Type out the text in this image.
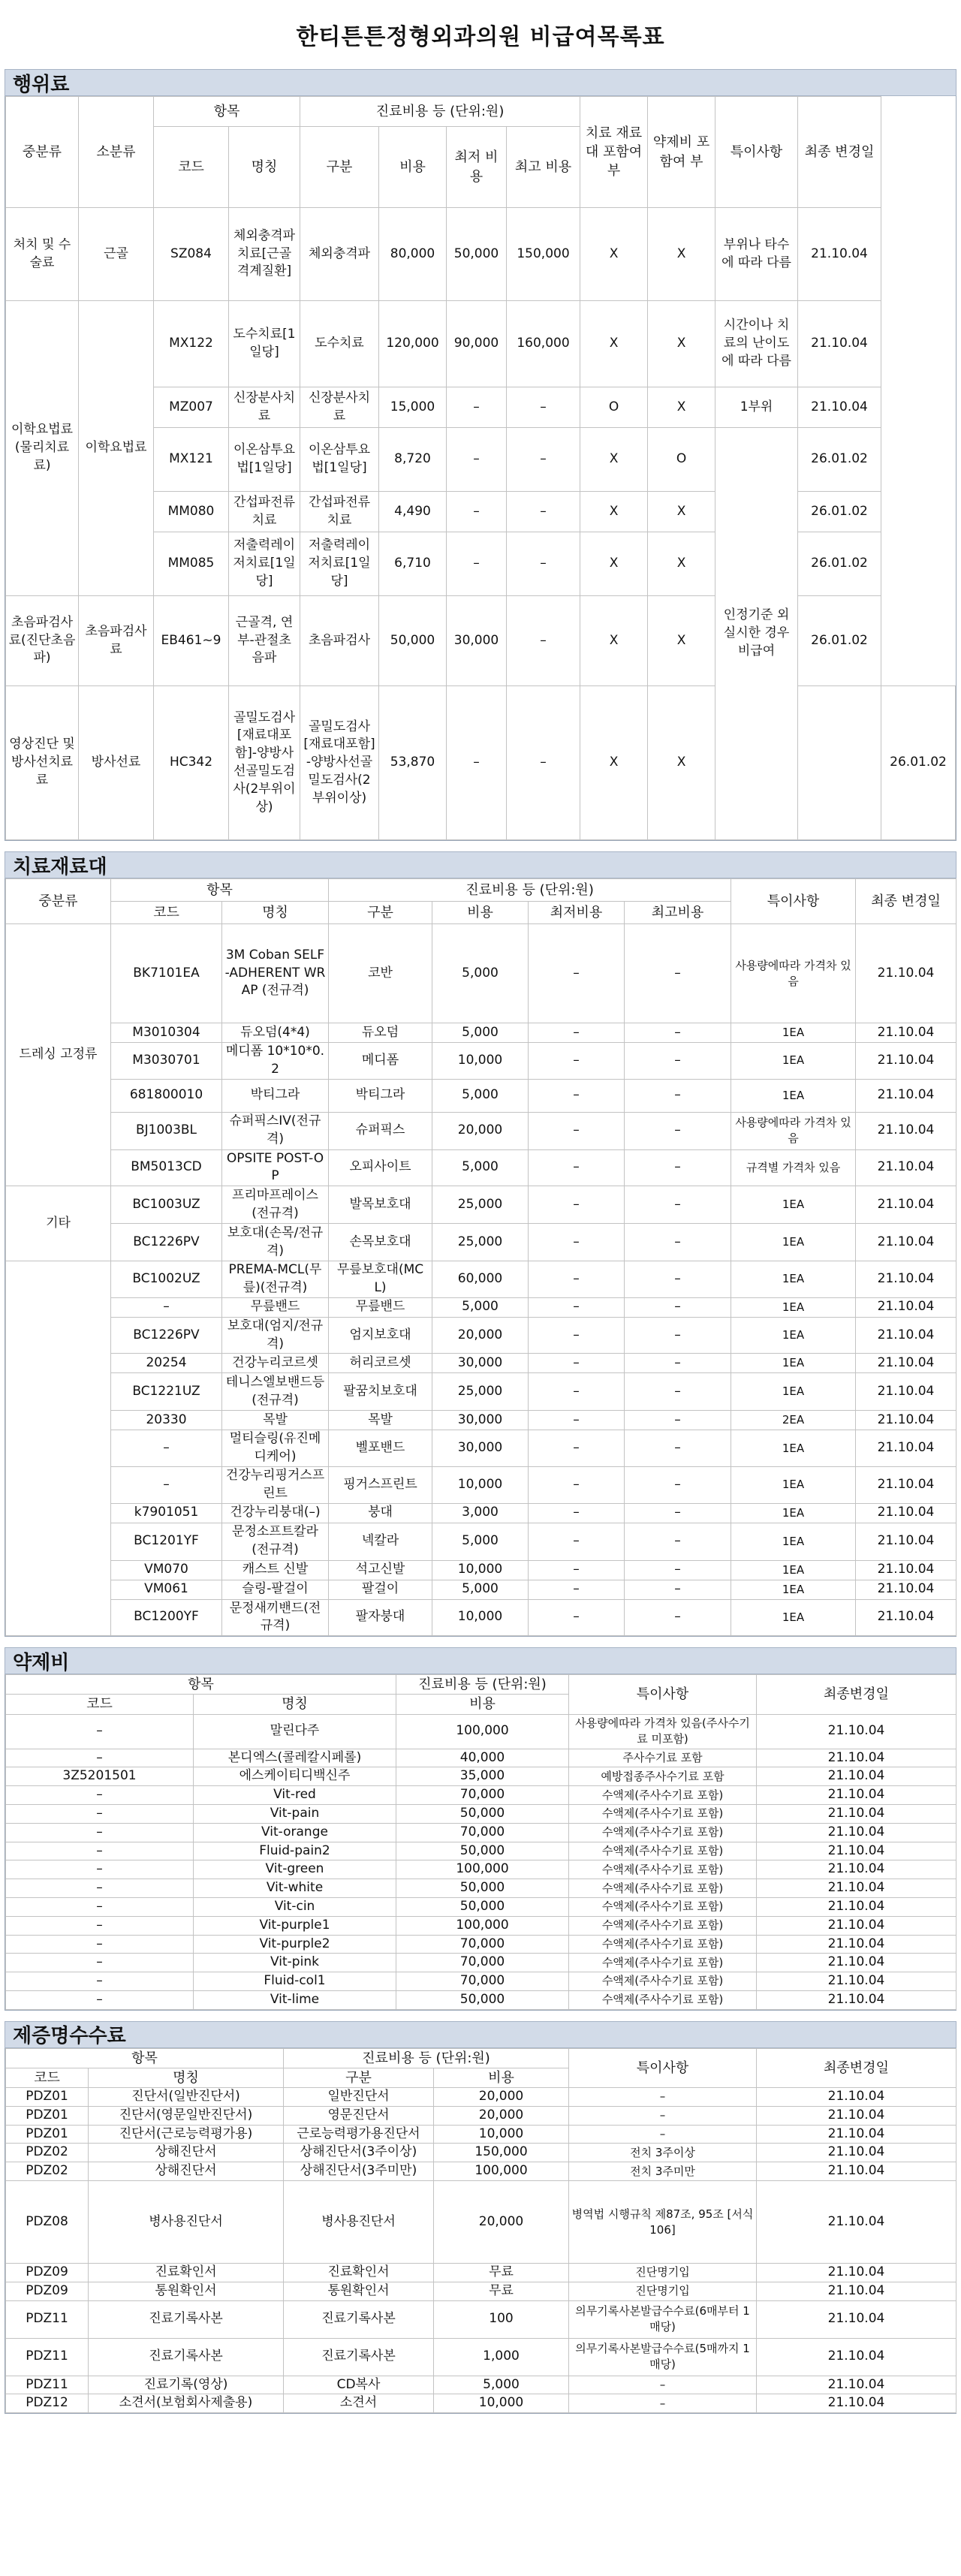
한티튼튼정형외과의원 비급여목록표
행위료
중분류	소분류	항목		진료비용 등 (단위:원)				치료 재료대 포함여부	약제비 포함여 부	특이사항	최종 변경일	
		코드	명칭	구분	비용	최저 비용	최고 비용					
처치 및 수술료	근골	SZ084	체외충격파치료[근골격계질환]	체외충격파	80,000	50,000	150,000	X	X	부위나 타수에 따라 다름	21.10.04	
이학요법료(물리치료료)	이학요법료	MX122	도수치료[1일당]	도수치료	120,000	90,000	160,000	X	X	시간이나 치료의 난이도에 따라 다름	21.10.04	
		MZ007	신장분사치료	신장분사치료	15,000	–	–	O	X	1부위	21.10.04	
		MX121	이온삼투요법[1일당]	이온삼투요법[1일당]	8,720	–	–	X	O	인정기준 외 실시한 경우 비급여	26.01.02	
		MM080	간섭파전류치료	간섭파전류치료	4,490	–	–	X	X		26.01.02	
		MM085	저출력레이저치료[1일당]	저출력레이저치료[1일당]	6,710	–	–	X	X		26.01.02	
초음파검사료(진단초음파)	초음파검사료	EB461~9	근골격, 연부-관절초음파	초음파검사	50,000	30,000	–	X	X		26.01.02	
영상진단 및 방사선치료료	방사선료	HC342	골밀도검사[재료대포함]-양방사선골밀도검사(2부위이상)	골밀도검사[재료대포함]-양방사선골밀도검사(2부위이상)	53,870	–	–	X	X			26.01.02
치료재료대
중분류	항목		진료비용 등 (단위:원)				특이사항	최종 변경일
	코드	명칭	구분	비용	최저비용	최고비용		
드레싱 고정류	BK7101EA	3M Coban SELF-ADHERENT WRAP (전규격)	코반	5,000	–	–	사용량에따라 가격차 있음	21.10.04
	M3010304	듀오덤(4*4)	듀오덤	5,000	–	–	1EA	21.10.04
	M3030701	메디폼 10*10*0.2	메디폼	10,000	–	–	1EA	21.10.04
	681800010	박티그라	박티그라	5,000	–	–	1EA	21.10.04
	BJ1003BL	슈퍼픽스IV(전규격)	슈퍼픽스	20,000	–	–	사용량에따라 가격차 있음	21.10.04
	BM5013CD	OPSITE POST-OP	오피사이트	5,000	–	–	규격별 가격차 있음	21.10.04
기타	BC1003UZ	프리마프레이스(전규격)	발목보호대	25,000	–	–	1EA	21.10.04
	BC1226PV	보호대(손목/전규격)	손목보호대	25,000	–	–	1EA	21.10.04
	BC1002UZ	PREMA-MCL(무릎)(전규격)	무릎보호대(MCL)	60,000	–	–	1EA	21.10.04
	–	무릎밴드	무릎밴드	5,000	–	–	1EA	21.10.04
	BC1226PV	보호대(엄지/전규격)	엄지보호대	20,000	–	–	1EA	21.10.04
	20254	건강누리코르셋	허리코르셋	30,000	–	–	1EA	21.10.04
	BC1221UZ	테니스엘보밴드등(전규격)	팔꿈치보호대	25,000	–	–	1EA	21.10.04
	20330	목발	목발	30,000	–	–	2EA	21.10.04
	–	멀티슬링(유진메디케어)	벨포밴드	30,000	–	–	1EA	21.10.04
	–	건강누리핑거스프린트	핑거스프린트	10,000	–	–	1EA	21.10.04
	k7901051	건강누리붕대(–)	붕대	3,000	–	–	1EA	21.10.04
	BC1201YF	문정소프트칼라(전규격)	넥칼라	5,000	–	–	1EA	21.10.04
	VM070	캐스트 신발	석고신발	10,000	–	–	1EA	21.10.04
	VM061	슬링-팔걸이	팔걸이	5,000	–	–	1EA	21.10.04
	BC1200YF	문정새끼밴드(전규격)	팔자붕대	10,000	–	–	1EA	21.10.04
약제비
항목		진료비용 등 (단위:원)	특이사항	최종변경일
코드	명칭	비용		
–	말린다주	100,000	사용량에따라 가격차 있음(주사수기료 미포함)	21.10.04
–	본디엑스(콜레칼시페롤)	40,000	주사수기료 포함	21.10.04
3Z5201501	에스케이티디백신주	35,000	예방접종주사수기료 포함	21.10.04
–	Vit-red	70,000	수액제(주사수기료 포함)	21.10.04
–	Vit-pain	50,000	수액제(주사수기료 포함)	21.10.04
–	Vit-orange	70,000	수액제(주사수기료 포함)	21.10.04
–	Fluid-pain2	50,000	수액제(주사수기료 포함)	21.10.04
–	Vit-green	100,000	수액제(주사수기료 포함)	21.10.04
–	Vit-white	50,000	수액제(주사수기료 포함)	21.10.04
–	Vit-cin	50,000	수액제(주사수기료 포함)	21.10.04
–	Vit-purple1	100,000	수액제(주사수기료 포함)	21.10.04
–	Vit-purple2	70,000	수액제(주사수기료 포함)	21.10.04
–	Vit-pink	70,000	수액제(주사수기료 포함)	21.10.04
–	Fluid-col1	70,000	수액제(주사수기료 포함)	21.10.04
–	Vit-lime	50,000	수액제(주사수기료 포함)	21.10.04
제증명수수료
항목		진료비용 등 (단위:원)		특이사항	최종변경일
코드	명칭	구분	비용		
PDZ01	진단서(일반진단서)	일반진단서	20,000	–	21.10.04
PDZ01	진단서(영문일반진단서)	영문진단서	20,000	–	21.10.04
PDZ01	진단서(근로능력평가용)	근로능력평가용진단서	10,000	–	21.10.04
PDZ02	상해진단서	상해진단서(3주이상)	150,000	전치 3주이상	21.10.04
PDZ02	상해진단서	상해진단서(3주미만)	100,000	전치 3주미만	21.10.04
PDZ08	병사용진단서	병사용진단서	20,000	병역법 시행규칙 제87조, 95조 [서식 106]	21.10.04
PDZ09	진료확인서	진료확인서	무료	진단명기입	21.10.04
PDZ09	통원확인서	통원확인서	무료	진단명기입	21.10.04
PDZ11	진료기록사본	진료기록사본	100	의무기록사본발급수수료(6매부터 1매당)	21.10.04
PDZ11	진료기록사본	진료기록사본	1,000	의무기록사본발급수수료(5매까지 1매당)	21.10.04
PDZ11	진료기록(영상)	CD복사	5,000	–	21.10.04
PDZ12	소견서(보험회사제출용)	소견서	10,000	–	21.10.04
